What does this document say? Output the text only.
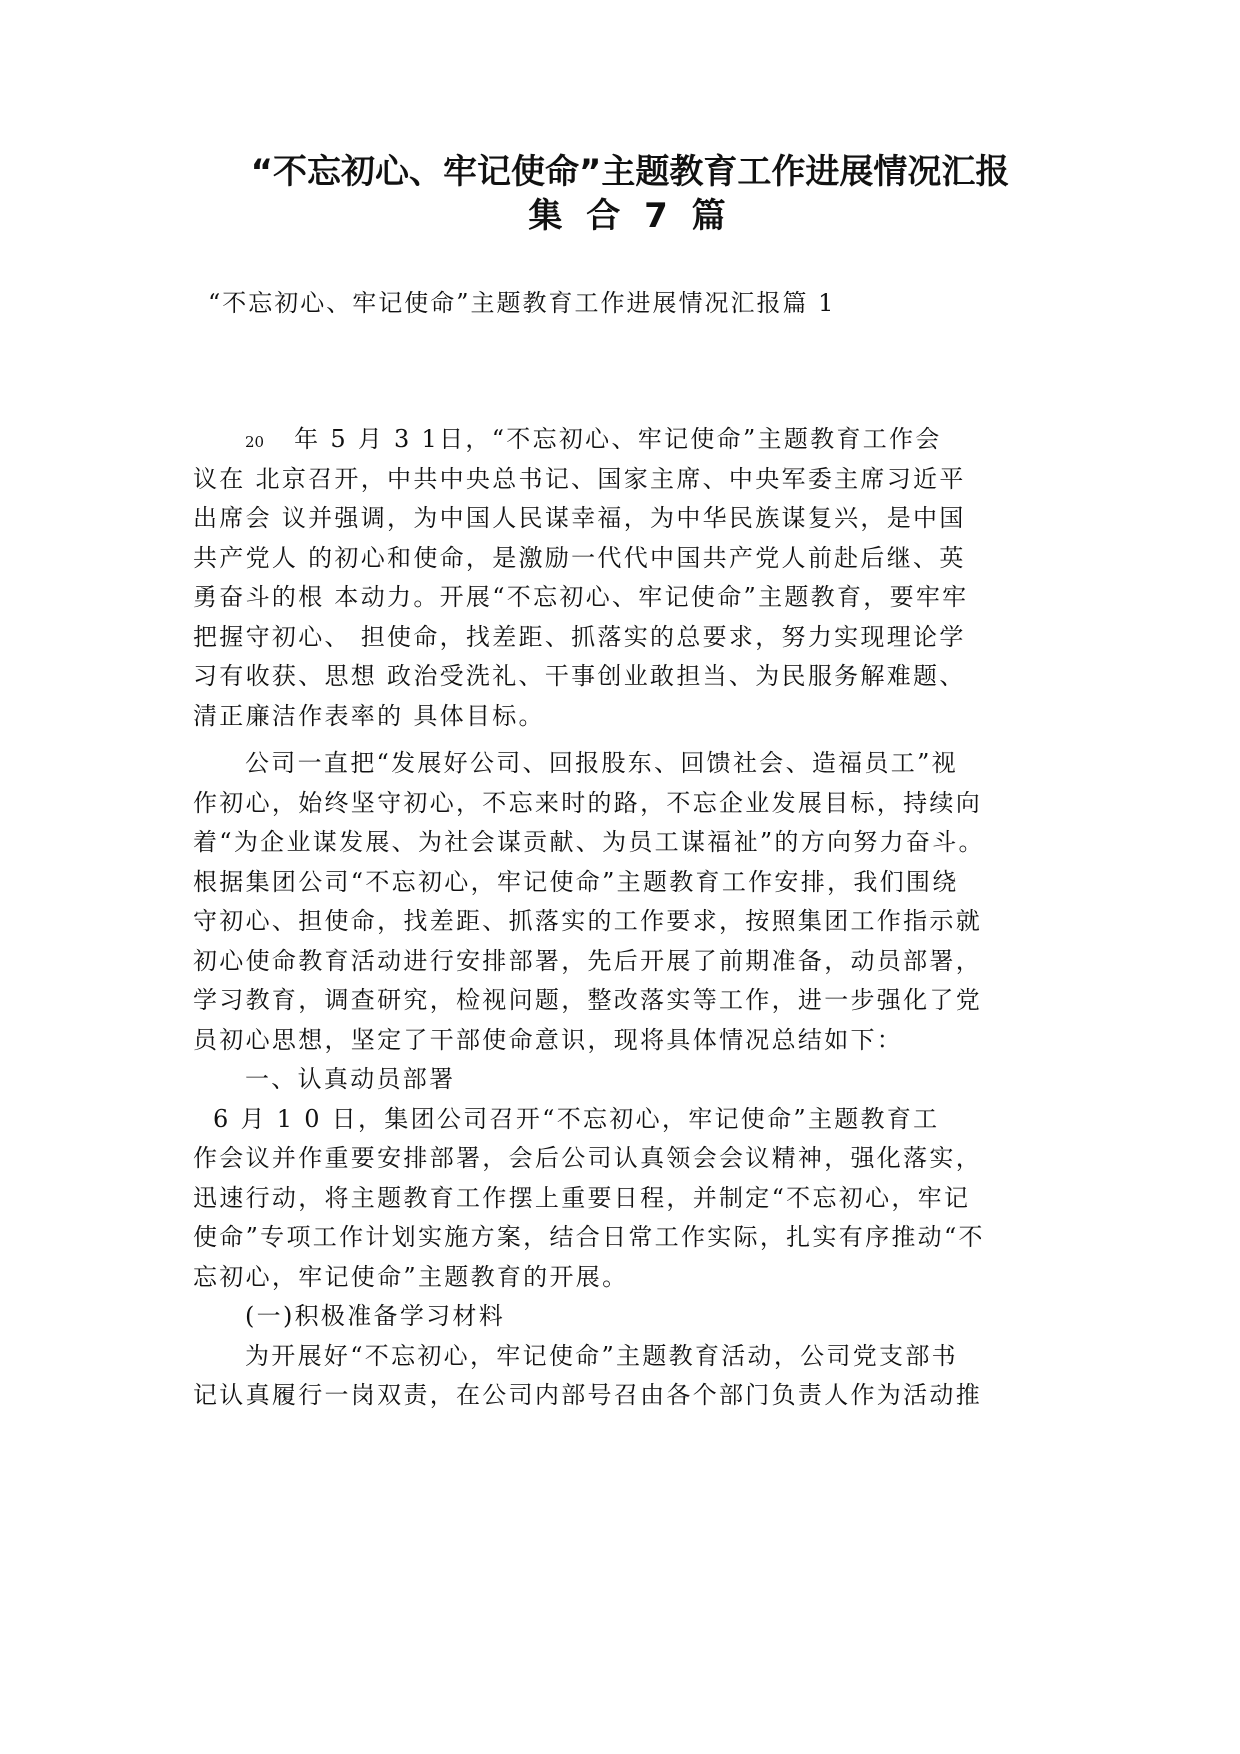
“不忘初心、牢记使命”主题教育工作进展情况汇报
集 合 7 篇
“不忘初心、牢记使命”主题教育工作进展情况汇报篇 1
20 年 5 月 3 1日，“不忘初心、牢记使命”主题教育工作会
议在 北京召开，中共中央总书记、国家主席、中央军委主席习近平
出席会 议并强调，为中国人民谋幸福，为中华民族谋复兴，是中国
共产党人 的初心和使命，是激励一代代中国共产党人前赴后继、英
勇奋斗的根 本动力。开展“不忘初心、牢记使命”主题教育，要牢牢
把握守初心、 担使命，找差距、抓落实的总要求，努力实现理论学
习有收获、思想 政治受洗礼、干事创业敢担当、为民服务解难题、
清正廉洁作表率的 具体目标。
公司一直把“发展好公司、回报股东、回馈社会、造福员工”视
作初心，始终坚守初心，不忘来时的路，不忘企业发展目标，持续向
着“为企业谋发展、为社会谋贡献、为员工谋福祉”的方向努力奋斗。
根据集团公司“不忘初心，牢记使命”主题教育工作安排，我们围绕
守初心、担使命，找差距、抓落实的工作要求，按照集团工作指示就
初心使命教育活动进行安排部署，先后开展了前期准备，动员部署，
学习教育，调查研究，检视问题，整改落实等工作，进一步强化了党
员初心思想，坚定了干部使命意识，现将具体情况总结如下：
一、认真动员部署
6 月 1 0 日，集团公司召开“不忘初心，牢记使命”主题教育工
作会议并作重要安排部署，会后公司认真领会会议精神，强化落实，
迅速行动，将主题教育工作摆上重要日程，并制定“不忘初心，牢记
使命”专项工作计划实施方案，结合日常工作实际，扎实有序推动“不
忘初心，牢记使命”主题教育的开展。
(一)积极准备学习材料
为开展好“不忘初心，牢记使命”主题教育活动，公司党支部书
记认真履行一岗双责，在公司内部号召由各个部门负责人作为活动推
